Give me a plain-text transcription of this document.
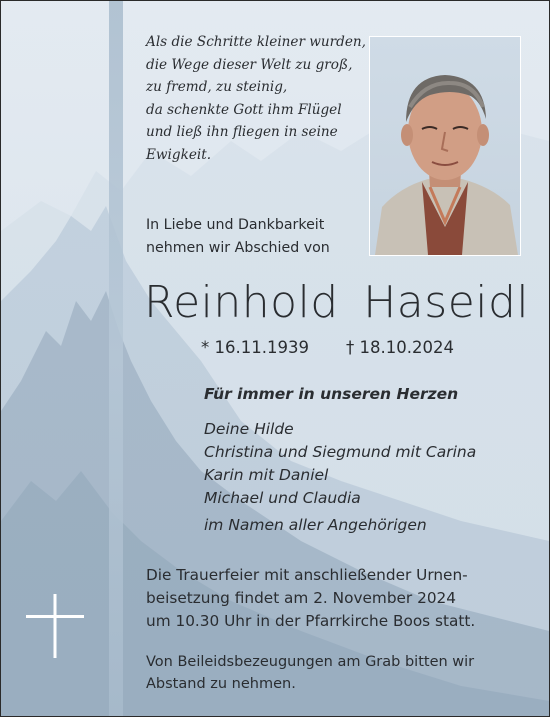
Als die Schritte kleiner wurden,
die Wege dieser Welt zu groß,
zu fremd, zu steinig,
da schenkte Gott ihm Flügel
und ließ ihn fliegen in seine
Ewigkeit.
In Liebe und Dankbarkeit
nehmen wir Abschied von
Reinhold Haseidl
* 16.11.1939 † 18.10.2024
Für immer in unseren Herzen
Deine Hilde
Christina und Siegmund mit Carina
Karin mit Daniel
Michael und Claudia
im Namen aller Angehörigen
Die Trauerfeier mit anschließender Urnen-
beisetzung findet am 2. November 2024
um 10.30 Uhr in der Pfarrkirche Boos statt.
Von Beileidsbezeugungen am Grab bitten wir
Abstand zu nehmen.
